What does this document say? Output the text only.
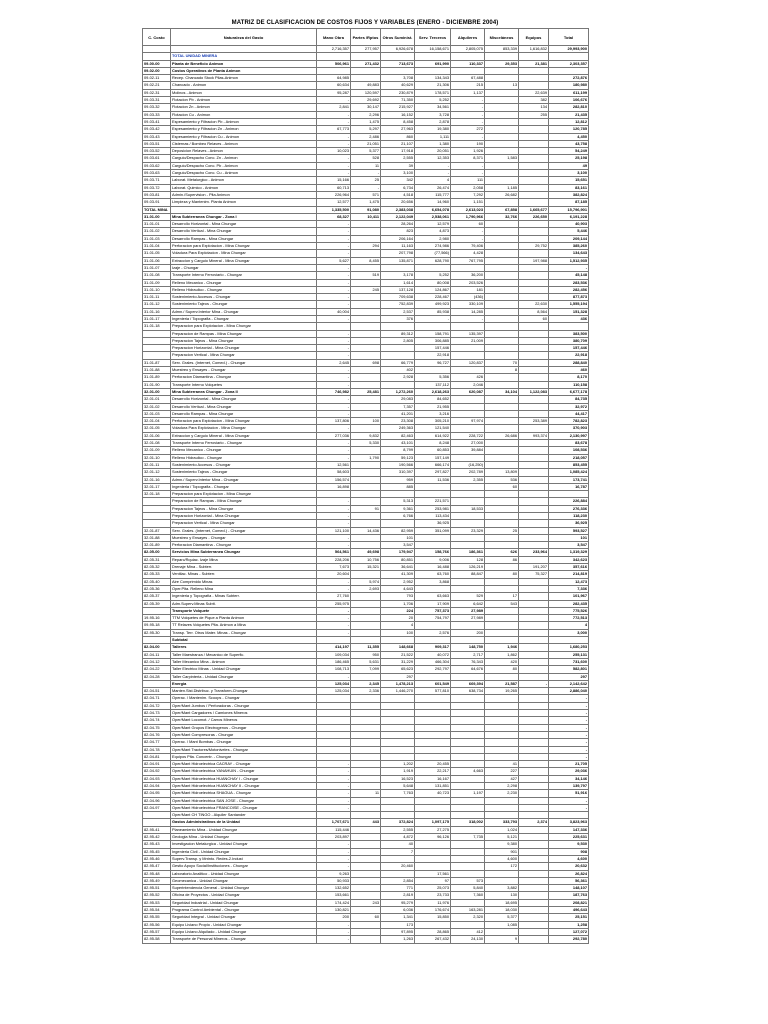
MATRIZ DE CLASIFICACION DE COSTOS FIJOS Y VARIABLES (ENERO - DICIEMBRE 2004)
C. Costo	Naturaleza del Gasto	Mano Obra	Partes /Rptos	Otros Suminist.	Serv. Terceros	Alquileres	Misceláneos	Equipos	Total
		2,716,357	277,957	6,926,678	16,158,671	2,805,075	853,339	1,616,832	29,993,900
	TOTAL UNIDAD MINERA								
09-00-00	Planta de Beneficio Animon	506,961	271,432	713,673	691,990	110,337	29,353	21,381	2,303,357
09-02-00	Costos Operativos de Planta Animon								
09-02-11	Recep. Chancado Stock Pilas-Animon	64,985		3,708	134,343	67,488			272,876
09-02-21	Chancado - Animon	60,634	49,883	40,629	21,306	215	13		180,980
09-02-31	Molinos - Animon	95,287	120,597	230,879	178,571	1,137		22,639	611,199
09-03-31	Flotacion Pb - Animon	-	29,692	71,350	5,252	-		382	106,676
09-03-32	Flotacion Zn - Animon	2,841	30,147	215,927	34,561	-		134	282,810
09-03-33	Flotacion Cu - Animon	-	2,296	16,152	3,728	-		255	21,435
09-03-41	Espesamiento y Filtracion Pb - Animon	-	1,475	8,458	2,878	-			12,812
09-03-42	Espesamiento y Filtracion Zn - Animon	67,773	5,297	27,963	19,380	272			120,785
09-03-43	Espesamiento y Filtracion Cu - Animon	-	2,486	860	1,111	-			4,450
09-03-51	Cisternas / Bombeo Relaves - Animon	-	21,051	21,107	1,380	190			43,758
09-03-52	Deposicion Relaves - Animon	10,023	5,377	17,918	20,051	1,926			54,249
09-03-61	Carguio/Despacho Conc. Zn - Animon	-	528	2,555	12,353	8,371	1,583		25,198
09-03-62	Carguio/Despacho Conc. Pb - Animon	-	11	39	-	-			49
09-03-63	Carguio/Despacho Conc. Cu - Animon	-	-	3,100	-	-			3,100
09-03-71	Laborat. Metalurgico - Animon	15,166	25	342	4	111			15,651
09-03-72	Laborat. Quimico - Animon	60,713	-	6,734	26,474	2,058	1,185		83,161
09-03-81	Admin./Supervision - Plta Animon	226,964	571	4,518	115,777	7,292	26,682		382,824
09-03-91	Limpieza y Mantenim. Planta Animon	12,577	1,475	20,656	14,960	1,151			87,185
TOTAL MINA		1,335,500	91,080	2,383,038	6,654,078	2,613,023	67,858	1,665,677	15,796,901
31-01-00	Mina Subterranea Chungar - Zona I	68,327	10,411	2,122,049	2,538,061	1,790,966	32,766	226,650	6,191,228
31-01-01	Desarrollo Horizontal - Mina Chungar	-		28,264	12,579	60			40,903
31-01-02	Desarrollo Vertical - Mina Chungar	-		823	4,873	-			5,446
31-01-03	Desarrollo Rampas - Mina Chungar	-		206,164	2,980	-			209,144
31-01-04	Perforacion para Explotacion - Mina Chungar	-	294	11,163	274,986	79,406		29,752	385,260
31-01-05	Voladura Para Explotacion - Mina Chungar	-		207,798	(77,566)	4,428			134,643
31-01-06	Extraccion y Carguio Mineral - Mina Chungar	5,627	8,455	135,871	628,790	767,795		197,988	1,512,935
31-01-07	Izaje - Chungar	-							-
31-01-08	Transporte Interno Ferroviario - Chungar	-	519	3,178	5,252	36,200			45,148
31-01-09	Relleno Mecanico - Chungar	-		1,614	80,008	203,526			283,536
31-01-10	Relleno Hidraulico - Chungar	-	245	137,128	124,867	181			282,456
31-01-11	Sostenimiento Accesos - Chungar	-		709,638	228,467	(436)			877,873
31-01-12	Sostenimiento Tajeos - Chungar	-		752,839	499,923	330,109		22,630	1,555,194
31-01-16	Admn./ Superv.Interior Mina - Chungar	40,004		2,537	85,938	14,285		8,564	151,328
31-01-17	Ingenieria / Topografia - Chungar	-		376	-	-		60	436
31-01-18	Preparacion para Explotacion - Mina Chungar								
	Preparacion de Rampas - Mina Chungar	-		89,312	158,791	135,397			383,500
	Preparacion Tajeos - Mina Chungar	-		2,805	306,885	21,009			380,709
	Preparacion Horizontal - Mina Chungar	-			157,446				157,446
	Preparacion Vertical - Mina Chungar	-			22,918				22,918
31-01-87	Serv. Grales. (Internet, Comed.) - Chungar	2,645	698	66,779	96,727	120,837	70		288,840
31-01-88	Muestreo y Ensayes - Chungar	-		402			8		460
31-01-89	Perforacion Diamantina - Chungar	-		2,928	5,356	426			8,170
31-01-90	Transporte Interno Volquetes	-			137,112	2,046			110,158
32-01-00	Mina Subterranea Chungar - Zona II	746,982	25,481	1,272,260	2,618,263	620,087	34,104	1,122,083	6,677,178
32-01-01	Desarrollo Horizontal - Mina Chungar	-		29,083	84,652				84,735
32-01-02	Desarrollo Vertical - Mina Chungar	-		7,357	21,955				32,972
32-01-03	Desarrollo Rampas - Mina Chungar	-		41,201	3,216				44,417
32-01-04	Perforacion para Explotacion - Mina Chungar	137,806	100	23,308	305,210	97,974		253,389	782,823
32-01-05	Voladura Para Explotacion - Mina Chungar	-		249,363	121,540				370,903
32-01-06	Extraccion y Carguio Mineral - Mina Chungar	277,036	9,832	82,463	614,922	228,722	26,686	993,374	2,130,997
32-01-08	Transporte Interno Ferroviario - Chungar	-	5,330	43,101	8,248	27,000			83,678
32-01-09	Relleno Mecanico - Chungar	-		8,799	60,853	39,884			108,536
32-01-10	Relleno Hidraulico - Chungar	-	1,790	59,123	157,149				218,057
32-01-11	Sostenimiento Accesos - Chungar	12,561		190,566	666,174	(16,250)			853,455
32-01-12	Sostenimiento Tajeos - Chungar	58,603		310,397	297,827	202,789	13,809		1,085,424
32-01-16	Admn./ Superv.Interior Mina - Chungar	156,574		959	11,536	2,355	536		173,741
32-01-17	Ingenieria / Topografia - Chungar	16,898		885			60		16,787
32-01-18	Preparacion para Explotacion - Mina Chungar								
	Preparacion de Rampas - Mina Chungar	-		5,313	221,571				226,884
	Preparacion Tajeos - Mina Chungar	-	91	9,361	253,981	18,533			276,336
	Preparacion Horizontal - Mina Chungar	-		6,766	113,434				118,230
	Preparacion Vertical - Mina Chungar	-			36,925				36,925
32-01-87	Serv. Grales. (Internet, Comed.) - Chungar	121,100	14,436	82,959	351,099	23,329	25		593,527
32-01-88	Muestreo y Ensayes - Chungar	-		101					101
32-01-89	Perforacion Diamantina - Chungar	-		3,547					3,547
82-05-00	Servicios Mina Subterranea Chungar	564,561	49,698	179,947	158,766	186,361	626	233,964	1,319,329
82-05-31	Reparc/Rquiac. Izaje Mina	228,206	10,756	80,851	9,006	128	86		342,623
82-05-32	Drenaje Mina - Subterr.	7,673	15,321	36,641	16,488	126,219		191,207	357,616
82-05-33	Ventilac. Minas - Subterr.	20,604		41,309	63,760	88,847	80	75,327	214,819
82-05-40	Aire Comprimido Minas	-	5,974	2,952	3,868				12,473
82-05-36	Oper.Plta. Relleno Mina	-	2,693	4,643					7,336
82-05-37	Ingenieria y Topografia - Minas Subterr.	27,760		793	63,663	529	17		101,967
82-05-39	Adm.Superv.Minas Subtt.	255,975		1,706	17,909	6,642	543		282,435
	Transporte Volquete	-		224	757,373	27,989			775,526
19-95-16	TTM Volquetes de Pique a Planta Animon	-		20	754,797	27,989			772,513
09-95-18	TT Relaves Volquetes Plta. Animon a Mina	-		4					4
82-95-30	Transp. Terr. Otros Mater. Minas - Chungar	-		100	2,576	200			3,000
	Subtotal								
82-04-00	Talleres	414,197	11,355	148,668	909,317	148,750	1,946		1,680,253
82-04-11	Taller Maestranza / Mecanico de Superfic.	109,034	950	21,522	40,072	2,717	1,862		255,131
82-04-12	Taller Mecanico Mina - Animon	186,465	5,631	31,229	466,304	76,343	420		731,600
82-04-22	Taller Electrico Minas - Unidad Chungar	108,713	7,099	65,623	292,797	64,676	80		582,801
82-04-28	Taller Carpinteria - Unidad Chungar	-		297					297
	Energia	125,034	2,345	1,478,213	601,549	669,394	21,587	-	2,142,642
82-04-51	Manten.Sist.Distribuc. y Transform-Chungar	125,034	2,336	1,446,270	577,810	638,734	19,265		2,886,040
82-04-71	Operac. / Mantenim. Scoops - Chungar								-
82-04-72	Oper/Mant Jumbos / Perforadoras - Chungar								-
82-04-73	Oper/Mant Cargadores / Camiones Mineros								-
82-04-74	Oper/Mant Locomot. / Carros Mineros								-
82-04-75	Oper/Mant Grupos Electrogenos - Chungar								-
82-04-76	Oper/Mant Compresoras - Chungar								-
82-04-77	Operac. / Mant Bombas - Chungar								-
82-04-78	Oper/Mant Tractores/Motoniveles - Chungar								-
82-04-81	Equipos Plta. Concentr. - Chungar								-
82-04-91	Oper/Mant Hidroelectrica CACRAY - Chungar	-		1,202	20,455		41		21,705
82-04-92	Oper/Mant Hidroelectrica YANAHUIN - Chungar	-		1,919	22,217	4,663	227		29,036
82-04-93	Oper/Mant Hidroelectrica HUANCHAY I - Chungar	-		16,523	16,167		427		34,146
82-04-94	Oper/Mant Hidroelectrica HUANCHAY II - Chungar	-		5,648	131,851		2,298		139,797
82-04-95	Oper/Mant Hidroelectrica SHAGUA - Chungar	-	11	7,763	40,723	1,197	2,230		51,916
82-04-96	Oper/Mant Hidroelectrica SAN JOSE - Chungar	-							-
82-04-97	Oper/Mant Hidroelectrica FRANCOISE - Chungar	-							-
	Oper/Mant CH TINGO - Alquiler Santander								
	Gastos Administrativos de la Unidad	1,707,671	443	372,824	1,097,175	318,002	333,793	2,374	3,823,963
82-95-41	Planeamiento Mina - Unidad Chungar	115,446		2,555	27,275		1,024		147,336
82-95-42	Geologia Mina - Unidad Chungar	203,897		4,872	96,126	7,735	5,121		225,631
82-95-43	Investigacion Metalurgica - Unidad Chungar	-		40			9,380		9,530
82-95-45	Ingenieria Civil - Unidad Chungar	-		7			901		908
82-95-46	Superv.Transp. y Mntnto. Redes-2.Indust	-					4,600		4,600
82-95-47	Gestio Apoyo Social/Instituciones - Chungar	-		20,460			172		20,632
82-95-48	Laboratorio Analitico - Unidad Chungar	9,263			17,561				26,824
82-95-49	Geomecanica - Unidad Chungar	50,933		2,854	97	573			56,361
82-95-51	Superintendencia General - Unidad Chungar	132,652		771	25,073	5,840	3,882		148,107
82-95-52	Oficina de Proyectos - Unidad Chungar	153,661		2,819	23,733	7,360	130		187,763
82-95-53	Seguridad Industrial - Unidad Chungar	174,424	243	95,279	11,976		18,695		208,821
82-95-54	Programa Control Ambiental - Chungar	130,821		6,036	176,674	163,281	18,030		496,643
82-95-55	Seguridad Integral - Unidad Chungar	200	60	1,341	15,850	2,320	5,377		25,151
82-95-56	Equipo Liviano Propio - Unidad Chungar	-		173			1,085		1,258
82-95-57	Equipo Liviano Alquilado - Unidad Chungar	-		97,895	28,865	412			127,072
82-95-58	Transporte de Personal Mineros - Chungar	-		1,263	267,432	24,130	9		292,780
